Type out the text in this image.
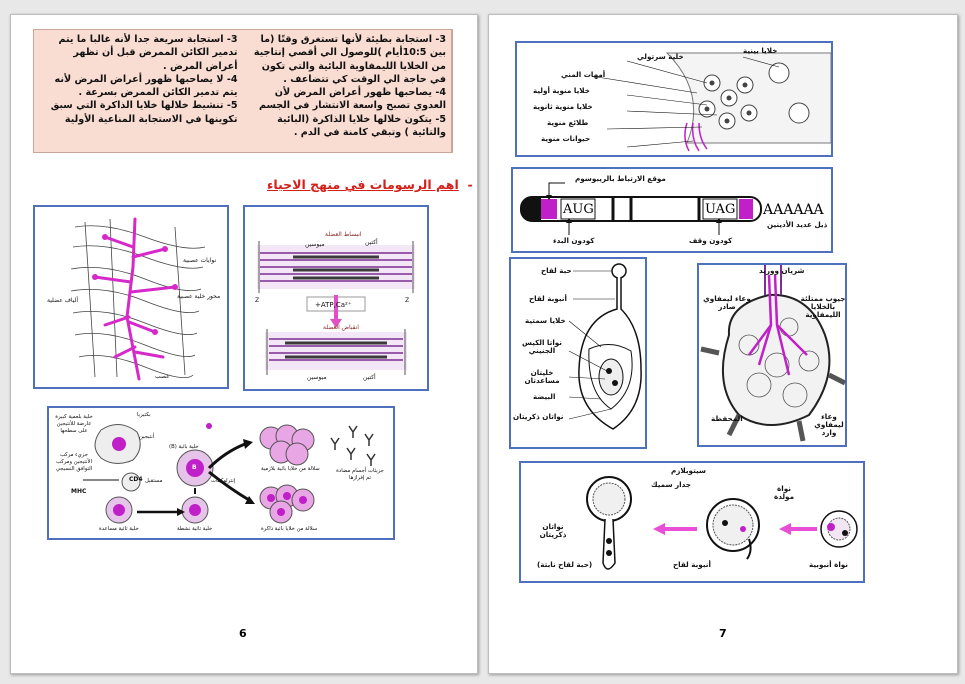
3- استجابة سريعة جدا لأنه غالبا ما يتم تدمير الكائن الممرض قبل أن تظهر أعراض المرض .

4- لا يصاحبها ظهور أعراض المرض لأنه يتم تدمير الكائن الممرض بسرعة .

5- تنشيط خلالها خلايا الذاكرة التي سبق تكوينها في الاستجابة المناعية الأولية

3- استجابة بطيئة لأنها تستغرق وقتًا (ما بين 10:5أيام )للوصول الي أقصي إنتاجية من الخلايا الليمفاوية البائية والتي تكون في حاجة الي الوقت كي تتضاعف .

4- يصاحبها ظهور أعراض المرض لأن العدوي تصبح واسعة الانتشار في الجسم

5- يتكون خلالها خلايا الذاكرة (البائية والتائية ) وتبقي كامنة في الدم .

-  اهم الرسومات في منهج الاحياء
انبساط العضلة
ميوسين	أكتين
Z	Z
+ATP,Ca²⁺
انقباض العضلة
ميوسين	أكتين
نوايات عصبية
محور خلية عصبية
ألياف عضلية
عصب
خلية بلعمية كبيرة عارضة للأنتيجين على سطحها
بكتيريا
أنتيجين
جزيء مركب الأنتيجين ومركب التوافق النسيجي
MHC
CD4 مستقبل
خلية تائية مساعدة
خلية بائية (B)
B
إنترلوكينات
خلية تائية نشطة
سلالة من خلايا بائية بلازمية	جزيئات أجسام مضادة تم إفرازها
سلالة من خلايا بائية ذاكرة
6
خلايا بينية
خلية سرتولي
أمهات المني
خلايا منوية أولية
خلايا منوية ثانوية
طلائع منوية
حيوانات منوية
موقع الارتباط بالريبوسوم
AUG	UAG AAAAAA
كودون البدء	كودون وقف
ذيل عديد الأدينين
حبة لقاح
أنبوبة لقاح
خلايا سمتية
نواتا الكيس الجنيني
خليتان مساعدتان
البيضة
نواتان ذكريتان
شريان ووريد
وعاء ليمفاوي صادر
جيوب ممتلئة بالخلايا الليمفاوية
المحفظة	وعاء ليمفاوي وارد
سيتوبلازم
جدار سميك	نواة مولدة
نواة أنبوبية
أنبوبة لقاح
نواتان ذكريتان
(حبة لقاح نابتة)
7
